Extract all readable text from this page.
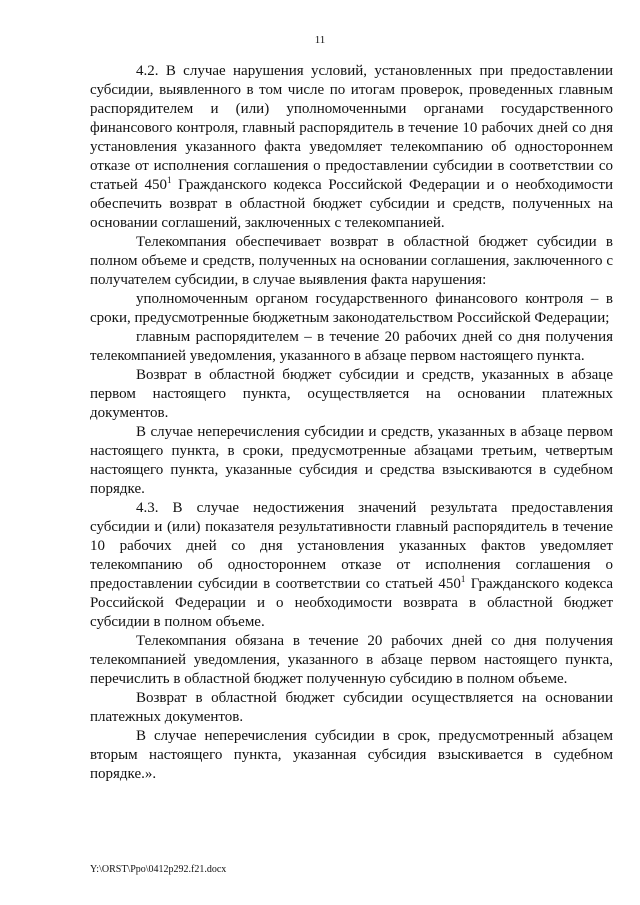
11

4.2. В случае нарушения условий, установленных при предоставлении субсидии, выявленного в том числе по итогам проверок, проведенных главным распорядителем и (или) уполномоченными органами государственного финансового контроля, главный распорядитель в течение 10 рабочих дней со дня установления указанного факта уведомляет телекомпанию об одностороннем отказе от исполнения соглашения о предоставлении субсидии в соответствии со статьей $450^1$ Гражданского кодекса Российской Федерации и о необходимости обеспечить возврат в областной бюджет субсидии и средств, полученных на основании соглашений, заключенных с телекомпанией.

Телекомпания обеспечивает возврат в областной бюджет субсидии в полном объеме и средств, полученных на основании соглашения, заключенного с получателем субсидии, в случае выявления факта нарушения:

уполномоченным органом государственного финансового контроля – в сроки, предусмотренные бюджетным законодательством Российской Федерации;

главным распорядителем – в течение 20 рабочих дней со дня получения телекомпанией уведомления, указанного в абзаце первом настоящего пункта.

Возврат в областной бюджет субсидии и средств, указанных в абзаце первом настоящего пункта, осуществляется на основании платежных документов.

В случае неперечисления субсидии и средств, указанных в абзаце первом настоящего пункта, в сроки, предусмотренные абзацами третьим, четвертым настоящего пункта, указанные субсидия и средства взыскиваются в судебном порядке.

4.3. В случае недостижения значений результата предоставления субсидии и (или) показателя результативности главный распорядитель в течение 10 рабочих дней со дня установления указанных фактов уведомляет телекомпанию об одностороннем отказе от исполнения соглашения о предоставлении субсидии в соответствии со статьей $450^1$ Гражданского кодекса Российской Федерации и о необходимости возврата в областной бюджет субсидии в полном объеме.

Телекомпания обязана в течение 20 рабочих дней со дня получения телекомпанией уведомления, указанного в абзаце первом настоящего пункта, перечислить в областной бюджет полученную субсидию в полном объеме.

Возврат в областной бюджет субсидии осуществляется на основании платежных документов.

В случае неперечисления субсидии в срок, предусмотренный абзацем вторым настоящего пункта, указанная субсидия взыскивается в судебном порядке.».

Y:\ORST\Ppo\0412p292.f21.docx
